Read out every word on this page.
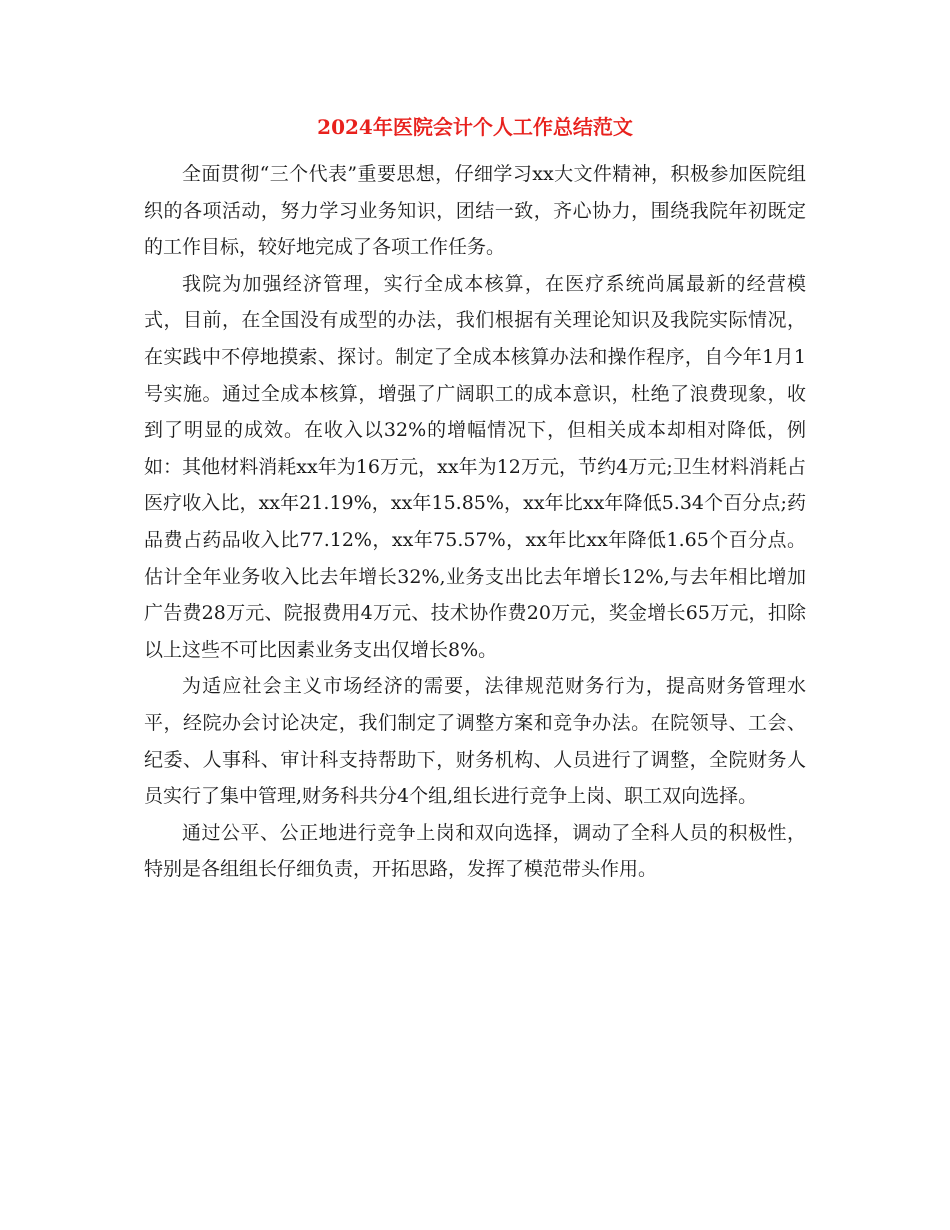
2024年医院会计个人工作总结范文

全面贯彻“三个代表”重要思想，仔细学习xx大文件精神，积极参加医院组织的各项活动，努力学习业务知识，团结一致，齐心协力，围绕我院年初既定的工作目标，较好地完成了各项工作任务。

我院为加强经济管理，实行全成本核算，在医疗系统尚属最新的经营模式，目前，在全国没有成型的办法，我们根据有关理论知识及我院实际情况，在实践中不停地摸索、探讨。制定了全成本核算办法和操作程序，自今年1月1号实施。通过全成本核算，增强了广阔职工的成本意识，杜绝了浪费现象，收到了明显的成效。在收入以32%的增幅情况下，但相关成本却相对降低，例如：其他材料消耗xx年为16万元，xx年为12万元，节约4万元;卫生材料消耗占医疗收入比，xx年21.19%，xx年15.85%，xx年比xx年降低5.34个百分点;药品费占药品收入比77.12%，xx年75.57%，xx年比xx年降低1.65个百分点。估计全年业务收入比去年增长32%,业务支出比去年增长12%,与去年相比增加广告费28万元、院报费用4万元、技术协作费20万元，奖金增长65万元，扣除以上这些不可比因素业务支出仅增长8%。

为适应社会主义市场经济的需要，法律规范财务行为，提高财务管理水平，经院办会讨论决定，我们制定了调整方案和竞争办法。在院领导、工会、纪委、人事科、审计科支持帮助下，财务机构、人员进行了调整，全院财务人员实行了集中管理,财务科共分4个组,组长进行竞争上岗、职工双向选择。

通过公平、公正地进行竞争上岗和双向选择，调动了全科人员的积极性，特别是各组组长仔细负责，开拓思路，发挥了模范带头作用。
